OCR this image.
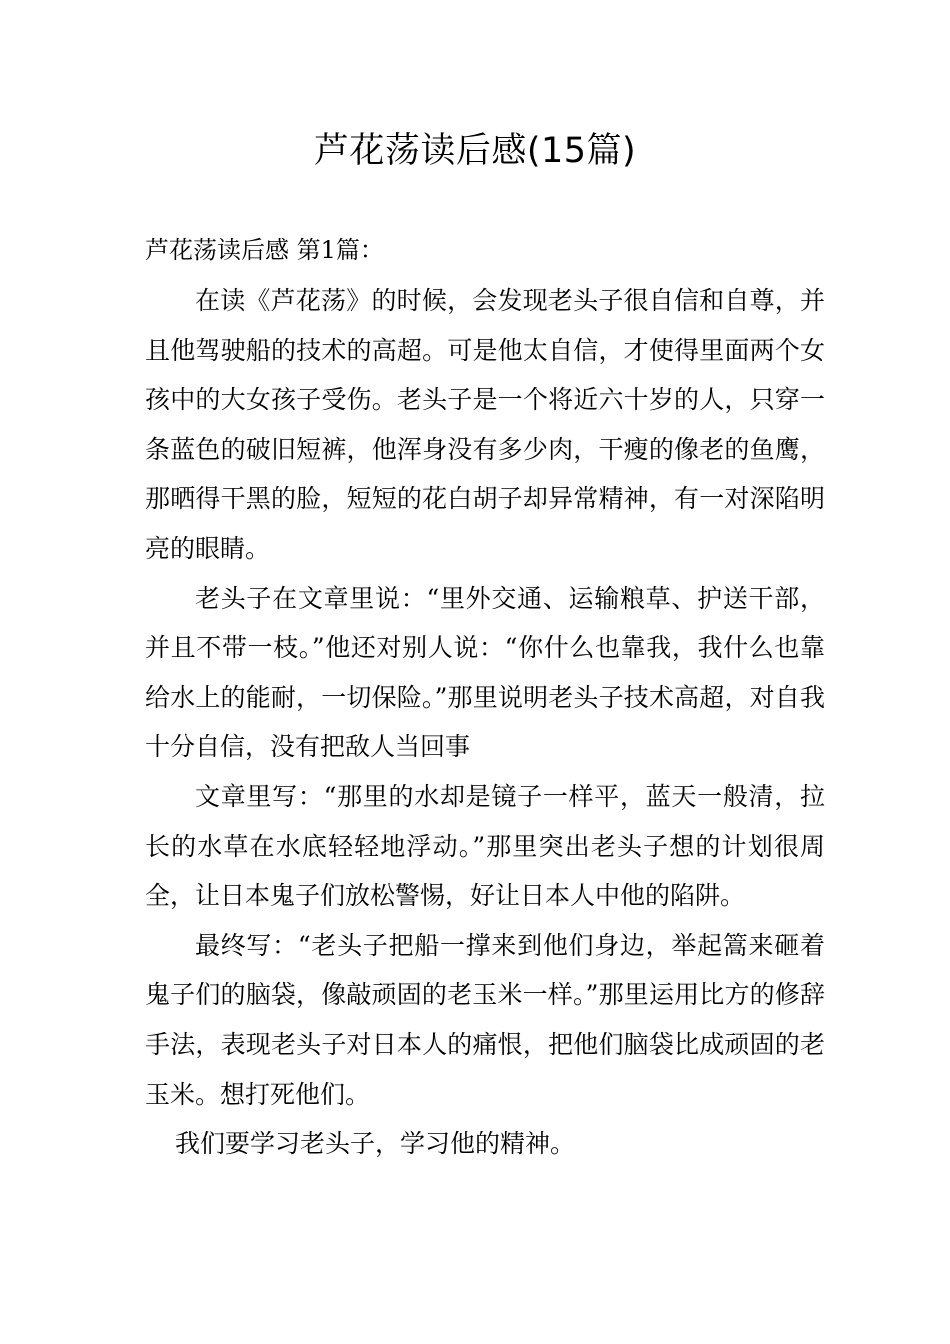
芦花荡读后感(15篇)
芦花荡读后感 第1篇：

在读《芦花荡》的时候，会发现老头子很自信和自尊，并且他驾驶船的技术的高超。可是他太自信，才使得里面两个女孩中的大女孩子受伤。老头子是一个将近六十岁的人，只穿一条蓝色的破旧短裤，他浑身没有多少肉，干瘦的像老的鱼鹰，那晒得干黑的脸，短短的花白胡子却异常精神，有一对深陷明亮的眼睛。

老头子在文章里说：“里外交通、运输粮草、护送干部，并且不带一枝。”他还对别人说：“你什么也靠我，我什么也靠给水上的能耐，一切保险。”那里说明老头子技术高超，对自我十分自信，没有把敌人当回事

文章里写：“那里的水却是镜子一样平，蓝天一般清，拉长的水草在水底轻轻地浮动。”那里突出老头子想的计划很周全，让日本鬼子们放松警惕，好让日本人中他的陷阱。

最终写：“老头子把船一撑来到他们身边，举起篙来砸着鬼子们的脑袋，像敲顽固的老玉米一样。”那里运用比方的修辞手法，表现老头子对日本人的痛恨，把他们脑袋比成顽固的老玉米。想打死他们。

我们要学习老头子，学习他的精神。
